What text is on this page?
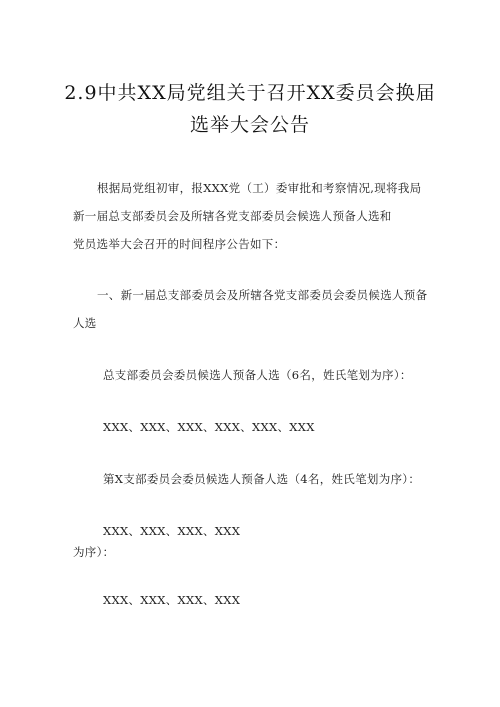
2.9中共XX局党组关于召开XX委员会换届
选举大会公告
根据局党组初审，报XXX党（工）委审批和考察情况,现将我局
新一届总支部委员会及所辖各党支部委员会候选人预备人选和
党员选举大会召开的时间程序公告如下：
一、新一届总支部委员会及所辖各党支部委员会委员候选人预备
人选
总支部委员会委员候选人预备人选（6名，姓氏笔划为序）：
XXX、XXX、XXX、XXX、XXX、XXX
第X支部委员会委员候选人预备人选（4名，姓氏笔划为序）：
XXX、XXX、XXX、XXX
为序）：
XXX、XXX、XXX、XXX
